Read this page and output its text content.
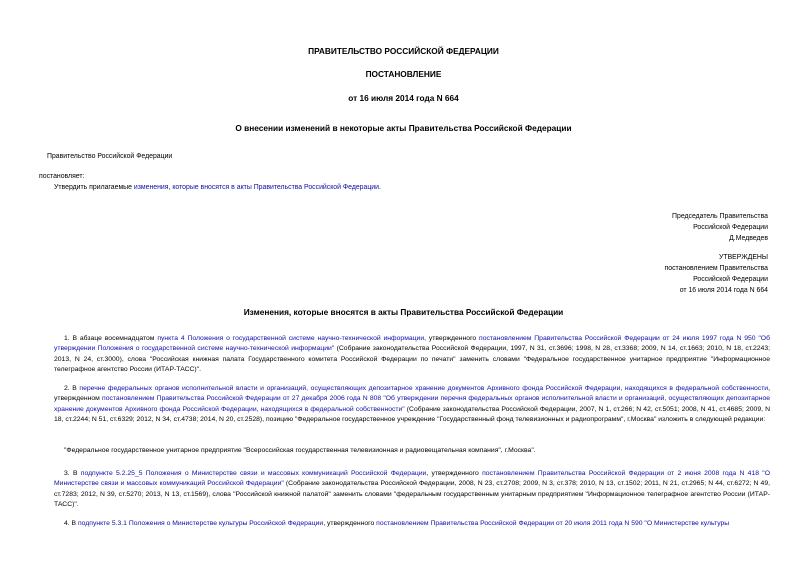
ПРАВИТЕЛЬСТВО РОССИЙСКОЙ ФЕДЕРАЦИИ
ПОСТАНОВЛЕНИЕ
от 16 июля 2014 года N 664
О внесении изменений в некоторые акты Правительства Российской Федерации
Правительство Российской Федерации
постановляет:
Утвердить прилагаемые изменения, которые вносятся в акты Правительства Российской Федерации.
Председатель Правительства
Российской Федерации
Д.Медведев
УТВЕРЖДЕНЫ
постановлением Правительства
Российской Федерации
от 16 июля 2014 года N 664
Изменения, которые вносятся в акты Правительства Российской Федерации
1. В абзаце восемнадцатом пункта 4 Положения о государственной системе научно-технической информации, утвержденного постановлением Правительства Российской Федерации от 24 июля 1997 года N 950 "Об утверждении Положения о государственной системе научно-технической информации" (Собрание законодательства Российской Федерации, 1997, N 31, ст.3696; 1998, N 28, ст.3368; 2009, N 14, ст.1663; 2010, N 18, ст.2243; 2013, N 24, ст.3000), слова "Российская книжная палата Государственного комитета Российской Федерации по печати" заменить словами "Федеральное государственное унитарное предприятие "Информационное телеграфное агентство России (ИТАР-ТАСС)".
2. В перечне федеральных органов исполнительной власти и организаций, осуществляющих депозитарное хранение документов Архивного фонда Российской Федерации, находящихся в федеральной собственности, утвержденном постановлением Правительства Российской Федерации от 27 декабря 2006 года N 808 "Об утверждении перечня федеральных органов исполнительной власти и организаций, осуществляющих депозитарное хранение документов Архивного фонда Российской Федерации, находящихся в федеральной собственности" (Собрание законодательства Российской Федерации, 2007, N 1, ст.266; N 42, ст.5051; 2008, N 41, ст.4685; 2009, N 18, ст.2244; N 51, ст.6329; 2012, N 34, ст.4738; 2014, N 20, ст.2528), позицию "Федеральное государственное учреждение "Государственный фонд телевизионных и радиопрограмм", г.Москва" изложить в следующей редакции:
"Федеральное государственное унитарное предприятие "Всероссийская государственная телевизионная и радиовещательная компания", г.Москва".
3. В подпункте 5.2.25_5 Положения о Министерстве связи и массовых коммуникаций Российской Федерации, утвержденного постановлением Правительства Российской Федерации от 2 июня 2008 года N 418 "О Министерстве связи и массовых коммуникаций Российской Федерации" (Собрание законодательства Российской Федерации, 2008, N 23, ст.2708; 2009, N 3, ст.378; 2010, N 13, ст.1502; 2011, N 21, ст.2965; N 44, ст.6272; N 49, ст.7283; 2012, N 39, ст.5270; 2013, N 13, ст.1569), слова "Российской книжной палатой" заменить словами "федеральным государственным унитарным предприятием "Информационное телеграфное агентство России (ИТАР-ТАСС)".
4. В подпункте 5.3.1 Положения о Министерстве культуры Российской Федерации, утвержденного постановлением Правительства Российской Федерации от 20 июля 2011 года N 590 "О Министерстве культуры
